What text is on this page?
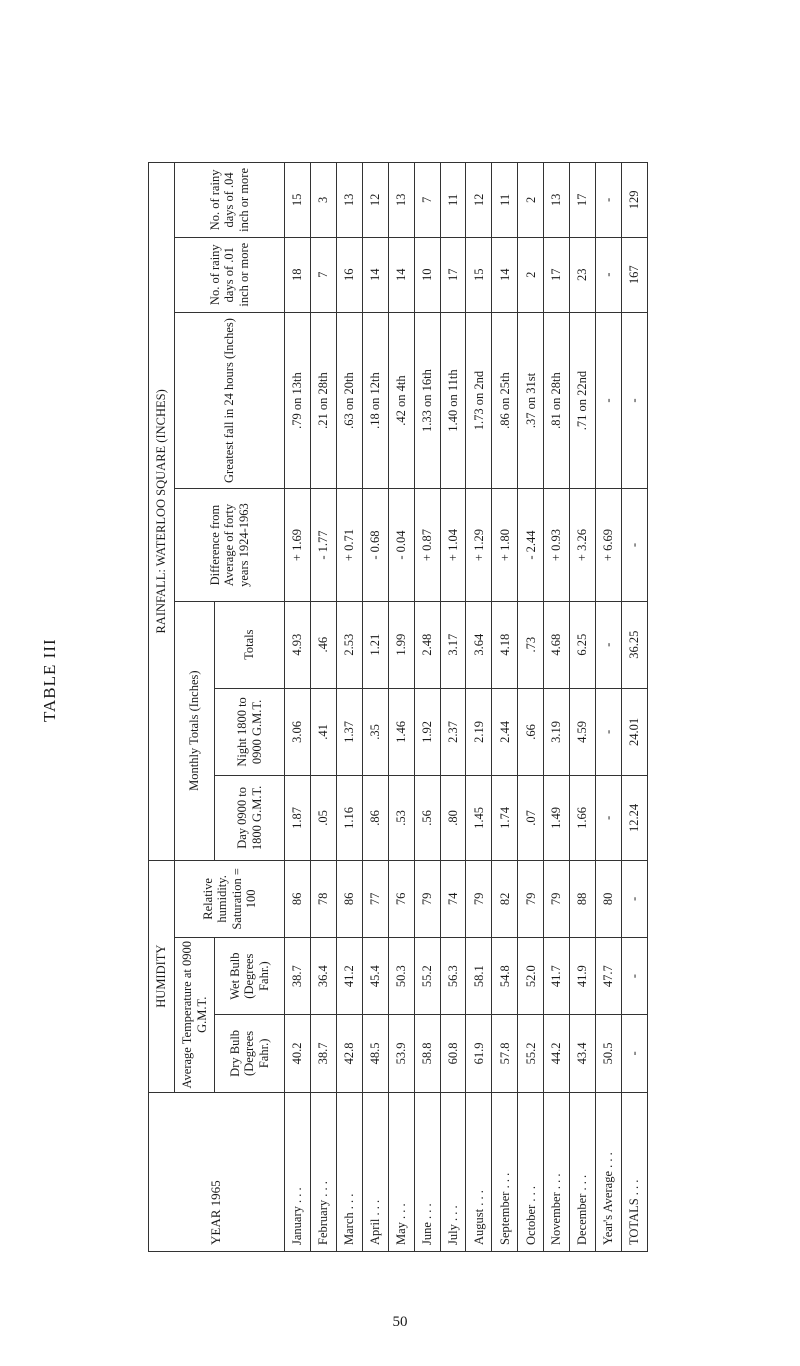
TABLE III
YEAR 1965	HUMIDITY			RAINFALL: WATERLOO SQUARE (INCHES)						
	Average Temperature at 0900 G.M.T.		Relative humidity. Saturation = 100	Monthly Totals (Inches)			Difference from Average of forty years 1924-1963	Greatest fall in 24 hours (Inches)	No. of rainy days of .01 inch or more	No. of rainy days of .04 inch or more
	Dry Bulb (Degrees Fahr.)	Wet Bulb (Degrees Fahr.)		Day 0900 to 1800 G.M.T.	Night 1800 to 0900 G.M.T.	Totals				
January . . .	40.2	38.7	86	1.87	3.06	4.93	+ 1.69	.79 on 13th	18	15
February . . .	38.7	36.4	78	.05	.41	.46	- 1.77	.21 on 28th	7	3
March . . .	42.8	41.2	86	1.16	1.37	2.53	+ 0.71	.63 on 20th	16	13
April . . .	48.5	45.4	77	.86	.35	1.21	- 0.68	.18 on 12th	14	12
May . . .	53.9	50.3	76	.53	1.46	1.99	- 0.04	.42 on 4th	14	13
June . . .	58.8	55.2	79	.56	1.92	2.48	+ 0.87	1.33 on 16th	10	7
July . . .	60.8	56.3	74	.80	2.37	3.17	+ 1.04	1.40 on 11th	17	11
August . . .	61.9	58.1	79	1.45	2.19	3.64	+ 1.29	1.73 on 2nd	15	12
September . . .	57.8	54.8	82	1.74	2.44	4.18	+ 1.80	.86 on 25th	14	11
October . . .	55.2	52.0	79	.07	.66	.73	- 2.44	.37 on 31st	2	2
November . . .	44.2	41.7	79	1.49	3.19	4.68	+ 0.93	.81 on 28th	17	13
December . . .	43.4	41.9	88	1.66	4.59	6.25	+ 3.26	.71 on 22nd	23	17
Year's Average . . .	50.5	47.7	80	-	-	-	+ 6.69	-	-	-
TOTALS . . .	-	-	-	12.24	24.01	36.25	-	-	167	129
50
